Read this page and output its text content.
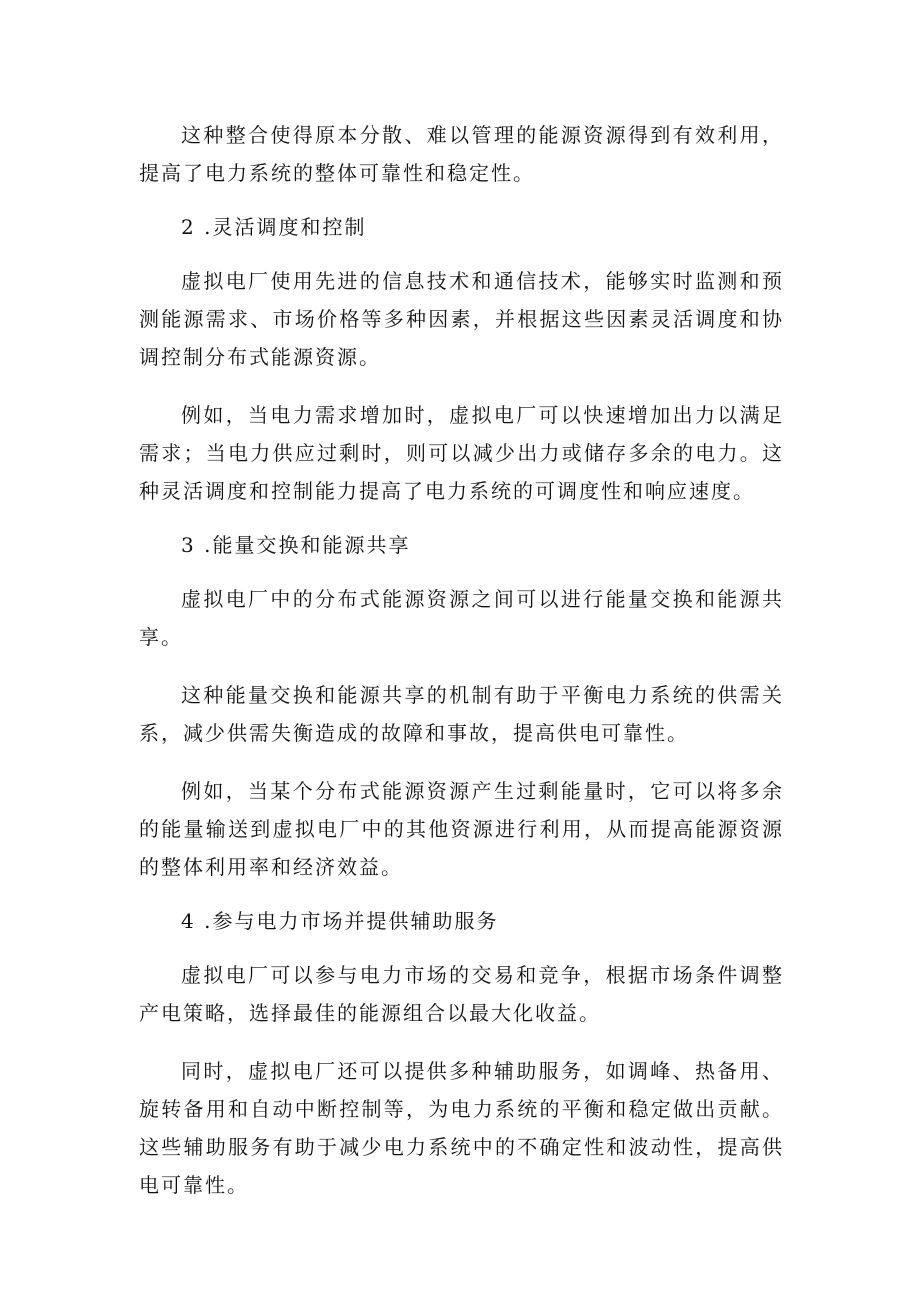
这种整合使得原本分散、难以管理的能源资源得到有效利用，提高了电力系统的整体可靠性和稳定性。

2 .灵活调度和控制

虚拟电厂使用先进的信息技术和通信技术，能够实时监测和预测能源需求、市场价格等多种因素，并根据这些因素灵活调度和协调控制分布式能源资源。

例如，当电力需求增加时，虚拟电厂可以快速增加出力以满足需求；当电力供应过剩时，则可以减少出力或储存多余的电力。这种灵活调度和控制能力提高了电力系统的可调度性和响应速度。

3 .能量交换和能源共享

虚拟电厂中的分布式能源资源之间可以进行能量交换和能源共享。

这种能量交换和能源共享的机制有助于平衡电力系统的供需关系，减少供需失衡造成的故障和事故，提高供电可靠性。

例如，当某个分布式能源资源产生过剩能量时，它可以将多余的能量输送到虚拟电厂中的其他资源进行利用，从而提高能源资源的整体利用率和经济效益。

4 .参与电力市场并提供辅助服务

虚拟电厂可以参与电力市场的交易和竞争，根据市场条件调整产电策略，选择最佳的能源组合以最大化收益。

同时，虚拟电厂还可以提供多种辅助服务，如调峰、热备用、旋转备用和自动中断控制等，为电力系统的平衡和稳定做出贡献。这些辅助服务有助于减少电力系统中的不确定性和波动性，提高供电可靠性。
